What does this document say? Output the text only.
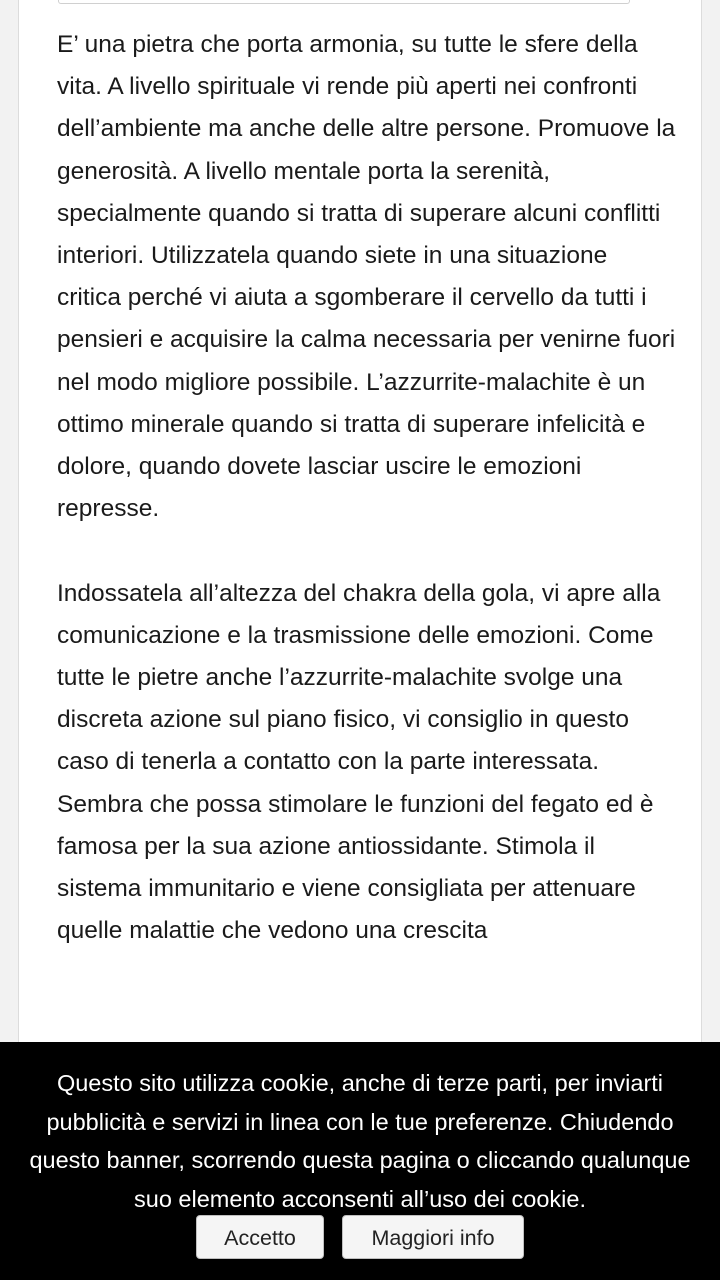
E’ una pietra che porta armonia, su tutte le sfere della vita. A livello spirituale vi rende più aperti nei confronti dell’ambiente ma anche delle altre persone. Promuove la generosità. A livello mentale porta la serenità, specialmente quando si tratta di superare alcuni conflitti interiori. Utilizzatela quando siete in una situazione critica perché vi aiuta a sgomberare il cervello da tutti i pensieri e acquisire la calma necessaria per venirne fuori nel modo migliore possibile. L’azzurrite-malachite è un ottimo minerale quando si tratta di superare infelicità e dolore, quando dovete lasciar uscire le emozioni represse.

Indossatela all’altezza del chakra della gola, vi apre alla comunicazione e la trasmissione delle emozioni. Come tutte le pietre anche l’azzurrite-malachite svolge una discreta azione sul piano fisico, vi consiglio in questo caso di tenerla a contatto con la parte interessata. Sembra che possa stimolare le funzioni del fegato ed è famosa per la sua azione antiossidante. Stimola il sistema immunitario e viene consigliata per attenuare quelle malattie che vedono una crescita

Questo sito utilizza cookie, anche di terze parti, per inviarti pubblicità e servizi in linea con le tue preferenze. Chiudendo questo banner, scorrendo questa pagina o cliccando qualunque suo elemento acconsenti all’uso dei cookie.

Accetto	Maggiori info
